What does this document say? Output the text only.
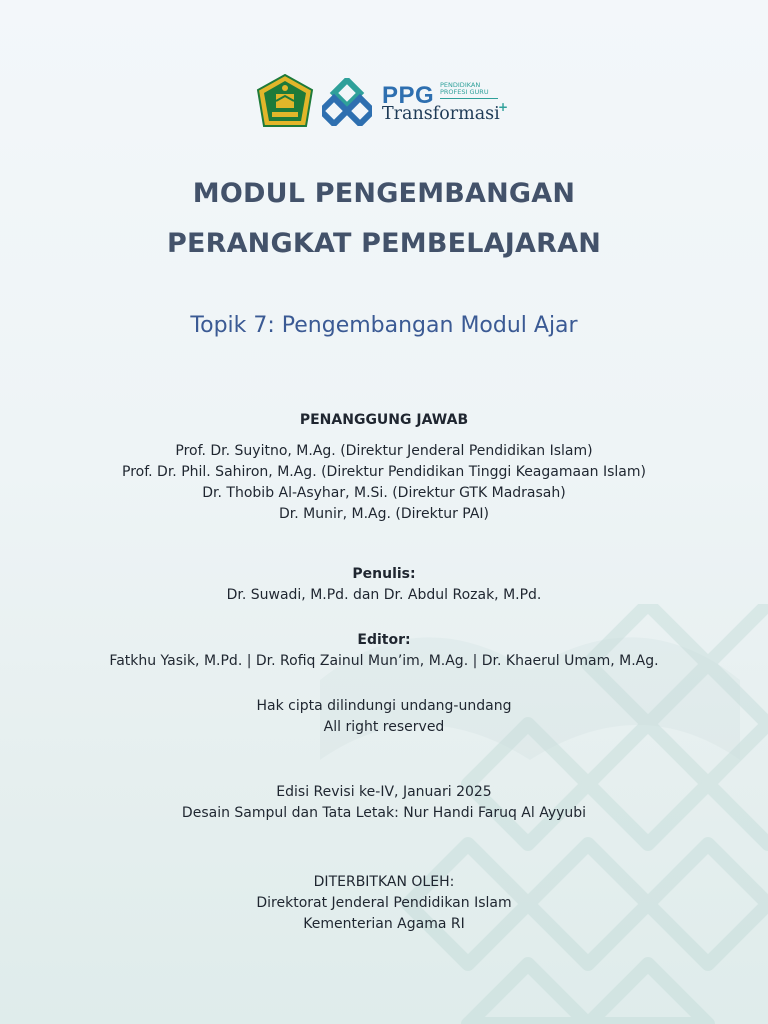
PPG PENDIDIKAN
PROFESI GURU
Transformasi
+
MODUL PENGEMBANGAN
PERANGKAT PEMBELAJARAN
Topik 7: Pengembangan Modul Ajar
PENANGGUNG JAWAB
Prof. Dr. Suyitno, M.Ag. (Direktur Jenderal Pendidikan Islam)
Prof. Dr. Phil. Sahiron, M.Ag. (Direktur Pendidikan Tinggi Keagamaan Islam)
Dr. Thobib Al-Asyhar, M.Si. (Direktur GTK Madrasah)
Dr. Munir, M.Ag. (Direktur PAI)
Penulis:
Dr. Suwadi, M.Pd. dan Dr. Abdul Rozak, M.Pd.
Editor:
Fatkhu Yasik, M.Pd. | Dr. Rofiq Zainul Mun’im, M.Ag. | Dr. Khaerul Umam, M.Ag.
Hak cipta dilindungi undang-undang
All right reserved
Edisi Revisi ke-IV, Januari 2025
Desain Sampul dan Tata Letak: Nur Handi Faruq Al Ayyubi
DITERBITKAN OLEH:
Direktorat Jenderal Pendidikan Islam
Kementerian Agama RI
